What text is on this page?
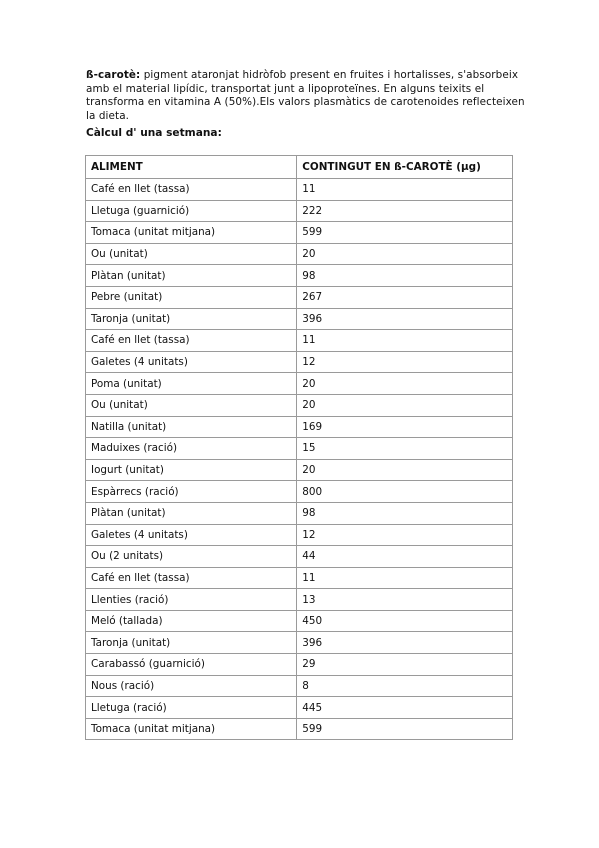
ß-carotè: pigment ataronjat hidròfob present en fruites i hortalisses, s'absorbeix amb el material lipídic, transportat junt a lipoproteïnes. En alguns teixits el transforma en vitamina A (50%).Els valors plasmàtics de carotenoides reflecteixen la dieta.
Càlcul d' una setmana:
ALIMENT	CONTINGUT EN ß-CAROTÈ (µg)
Café en llet (tassa)	11
Lletuga (guarnició)	222
Tomaca (unitat mitjana)	599
Ou (unitat)	20
Plàtan (unitat)	98
Pebre (unitat)	267
Taronja (unitat)	396
Café en llet (tassa)	11
Galetes (4 unitats)	12
Poma (unitat)	20
Ou (unitat)	20
Natilla (unitat)	169
Maduixes (ració)	15
Iogurt (unitat)	20
Espàrrecs (ració)	800
Plàtan (unitat)	98
Galetes (4 unitats)	12
Ou (2 unitats)	44
Café en llet (tassa)	11
Llenties (ració)	13
Meló (tallada)	450
Taronja (unitat)	396
Carabassó (guarnició)	29
Nous (ració)	8
Lletuga (ració)	445
Tomaca (unitat mitjana)	599
